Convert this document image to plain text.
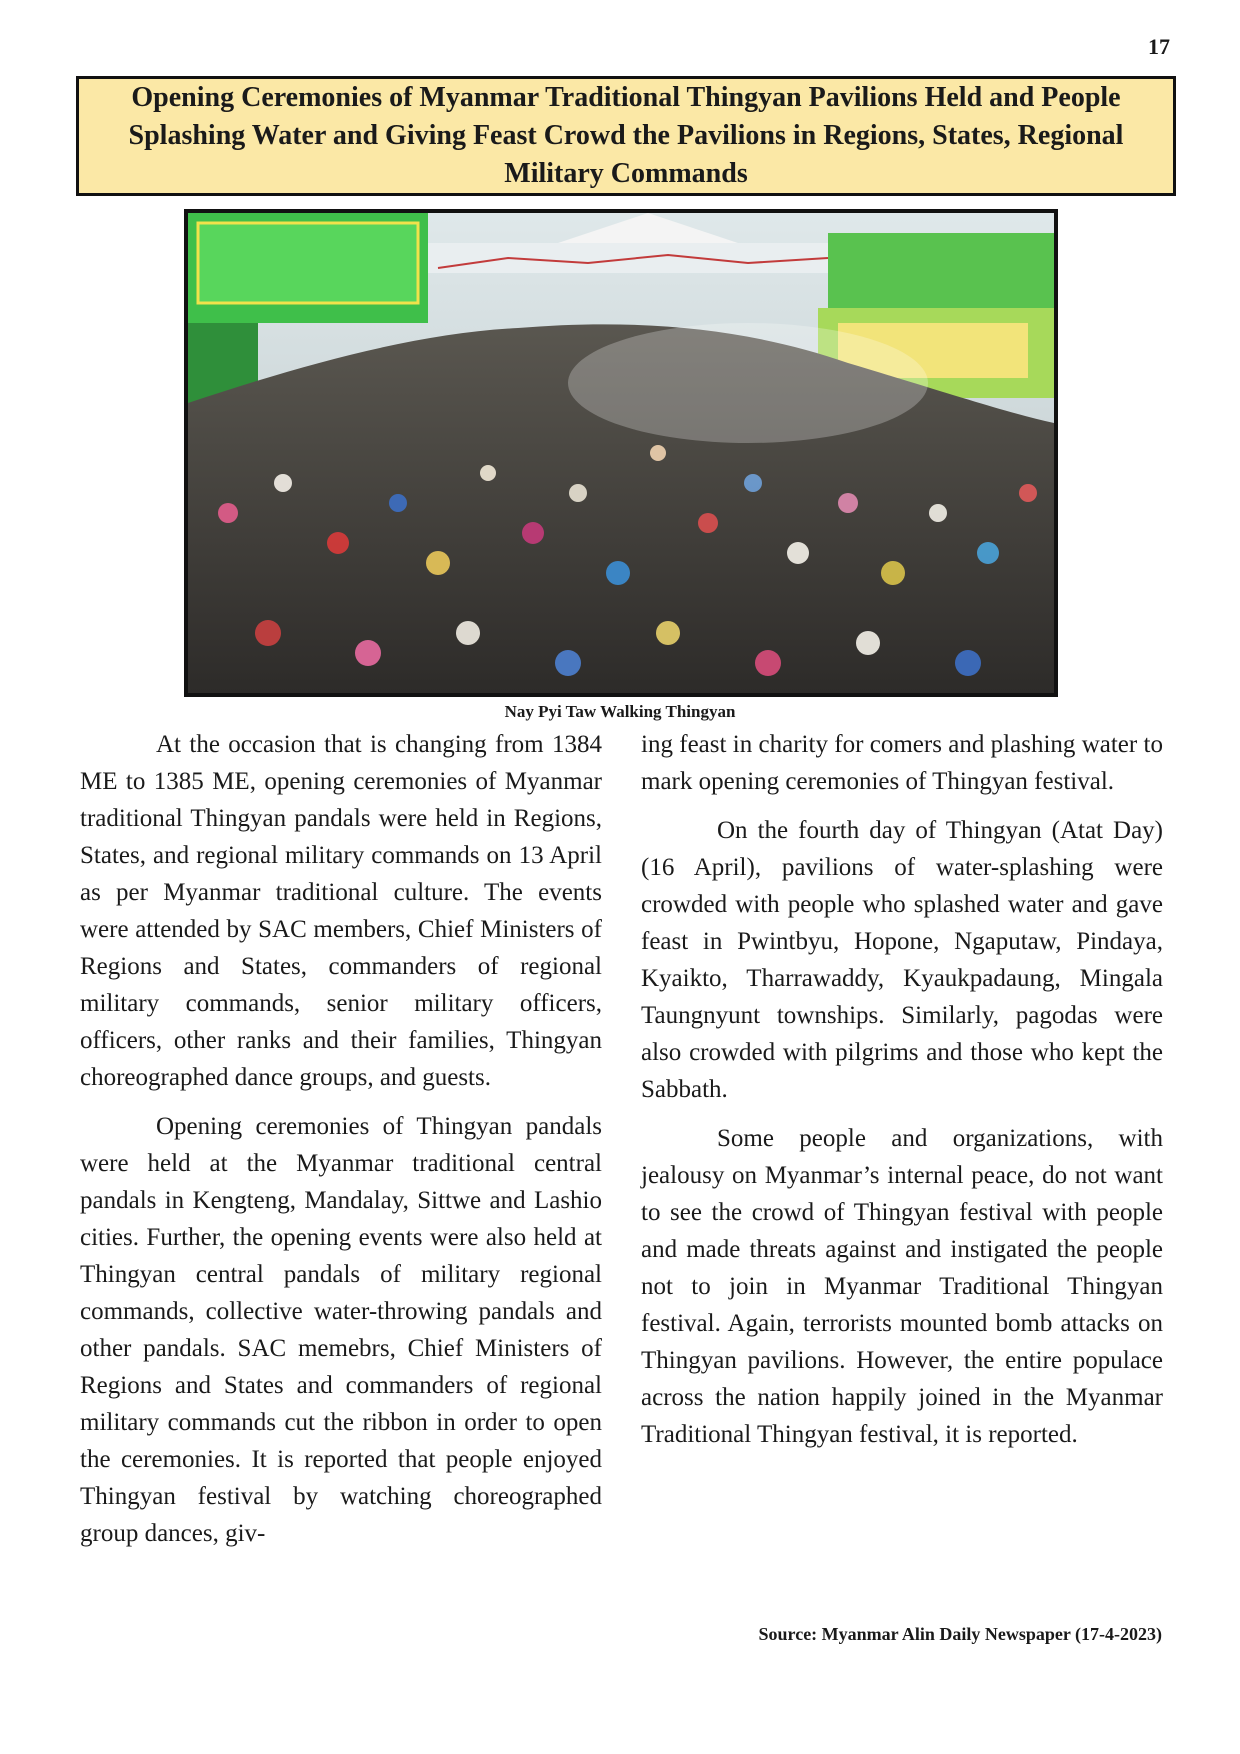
17
Opening Ceremonies of Myanmar Traditional Thingyan Pavilions Held and People Splashing Water and Giving Feast Crowd the Pavilions in Regions, States, Regional Military Commands
Nay Pyi Taw Walking Thingyan

At the occasion that is changing from 1384 ME to 1385 ME, opening ceremonies of Myanmar traditional Thingyan pandals were held in Regions, States, and regional military commands on 13 April as per Myanmar traditional culture. The events were attended by SAC members, Chief Ministers of Regions and States, commanders of regional military commands, senior military officers, officers, other ranks and their families, Thingyan choreographed dance groups, and guests.

Opening ceremonies of Thingyan pandals were held at the Myanmar traditional central pandals in Kengteng, Mandalay, Sittwe and Lashio cities. Further, the opening events were also held at Thingyan central pandals of military regional commands, collective water-throwing pandals and other pandals. SAC memebrs, Chief Ministers of Regions and States and commanders of regional military commands cut the ribbon in order to open the ceremonies. It is reported that people enjoyed Thingyan festival by watching choreographed group dances, giv-

ing feast in charity for comers and plashing water to mark opening ceremonies of Thingyan festival.

On the fourth day of Thingyan (Atat Day) (16 April), pavilions of water-splashing were crowded with people who splashed water and gave feast in Pwintbyu, Hopone, Ngaputaw, Pindaya, Kyaikto, Tharrawaddy, Kyaukpadaung, Mingala Taungnyunt townships. Similarly, pagodas were also crowded with pilgrims and those who kept the Sabbath.

Some people and organizations, with jealousy on Myanmar’s internal peace, do not want to see the crowd of Thingyan festival with people and made threats against and instigated the people not to join in Myanmar Traditional Thingyan festival. Again, terrorists mounted bomb attacks on Thingyan pavilions. However, the entire populace across the nation happily joined in the Myanmar Traditional Thingyan festival, it is reported.

Source: Myanmar Alin Daily Newspaper (17-4-2023)
